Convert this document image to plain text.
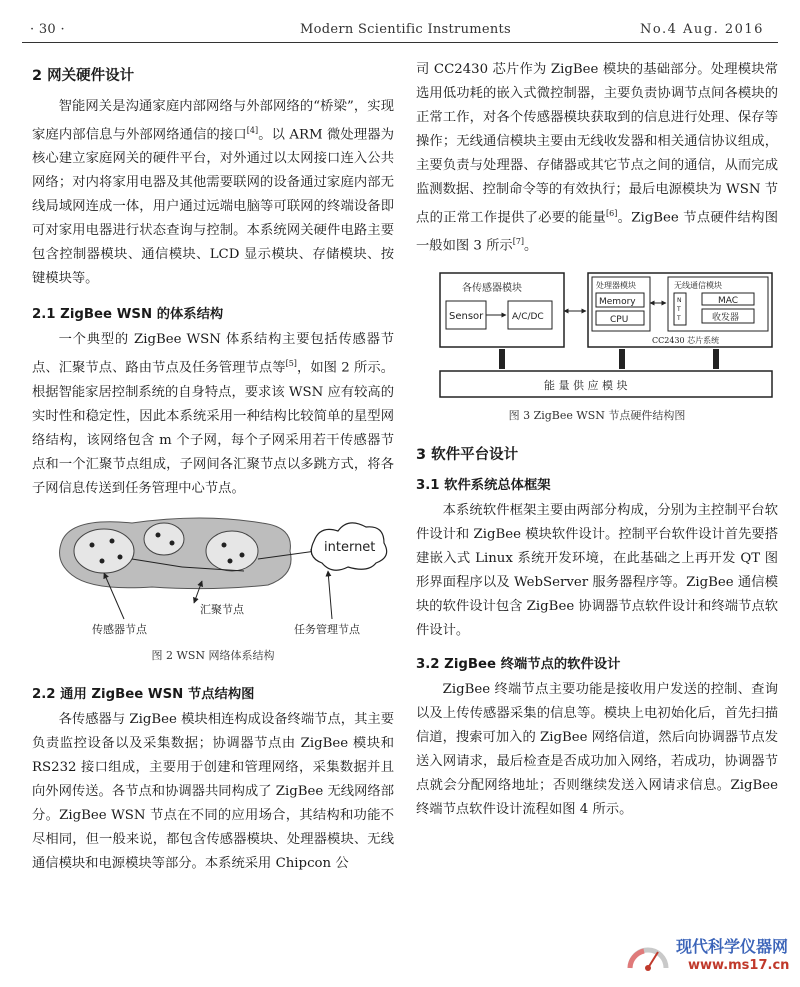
· 30 ·	Modern Scientific Instruments	No.4 Aug. 2016
2 网关硬件设计

智能网关是沟通家庭内部网络与外部网络的“桥梁”，实现家庭内部信息与外部网络通信的接口[4]。以 ARM 微处理器为核心建立家庭网关的硬件平台，对外通过以太网接口连入公共网络；对内将家用电器及其他需要联网的设备通过家庭内部无线局域网连成一体，用户通过远端电脑等可联网的终端设备即可对家用电器进行状态查询与控制。本系统网关硬件电路主要包含控制器模块、通信模块、LCD 显示模块、存储模块、按键模块等。

2.1 ZigBee WSN 的体系结构

一个典型的 ZigBee WSN 体系结构主要包括传感器节点、汇聚节点、路由节点及任务管理节点等[5]，如图 2 所示。根据智能家居控制系统的自身特点，要求该 WSN 应有较高的实时性和稳定性，因此本系统采用一种结构比较简单的星型网络结构，该网络包含 m 个子网，每个子网采用若干传感器节点和一个汇聚节点组成，子网间各汇聚节点以多跳方式，将各子网信息传送到任务管理中心节点。

internet
汇聚节点
传感器节点	任务管理节点
图 2 WSN 网络体系结构
2.2 通用 ZigBee WSN 节点结构图

各传感器与 ZigBee 模块相连构成设备终端节点，其主要负责监控设备以及采集数据；协调器节点由 ZigBee 模块和 RS232 接口组成，主要用于创建和管理网络，采集数据并且向外网传送。各节点和协调器共同构成了 ZigBee 无线网络部分。ZigBee WSN 节点在不同的应用场合，其结构和功能不尽相同，但一般来说，都包含传感器模块、处理器模块、无线通信模块和电源模块等部分。本系统采用 Chipcon 公

司 CC2430 芯片作为 ZigBee 模块的基础部分。处理模块常选用低功耗的嵌入式微控制器，主要负责协调节点间各模块的正常工作，对各个传感器模块获取到的信息进行处理、保存等操作；无线通信模块主要由无线收发器和相关通信协议组成，主要负责与处理器、存储器或其它节点之间的通信，从而完成监测数据、控制命令等的有效执行；最后电源模块为 WSN 节点的正常工作提供了必要的能量[6]。ZigBee 节点硬件结构图一般如图 3 所示[7]。

各传感器模块
Sensor	A/C/DC
处理器模块
Memory
CPU
无线通信模块
N T T
MAC
收发器
CC2430 芯片系统
能 量 供 应 模 块
图 3 ZigBee WSN 节点硬件结构图
3 软件平台设计
3.1 软件系统总体框架

本系统软件框架主要由两部分构成，分别为主控制平台软件设计和 ZigBee 模块软件设计。控制平台软件设计首先要搭建嵌入式 Linux 系统开发环境，在此基础之上再开发 QT 图形界面程序以及 WebServer 服务器程序等。ZigBee 通信模块的软件设计包含 ZigBee 协调器节点软件设计和终端节点软件设计。

3.2 ZigBee 终端节点的软件设计

ZigBee 终端节点主要功能是接收用户发送的控制、查询以及上传传感器采集的信息等。模块上电初始化后，首先扫描信道，搜索可加入的 ZigBee 网络信道，然后向协调器节点发送入网请求，最后检查是否成功加入网络，若成功，协调器节点就会分配网络地址；否则继续发送入网请求信息。ZigBee 终端节点软件设计流程如图 4 所示。

现代科学仪器网
www.ms17.cn
